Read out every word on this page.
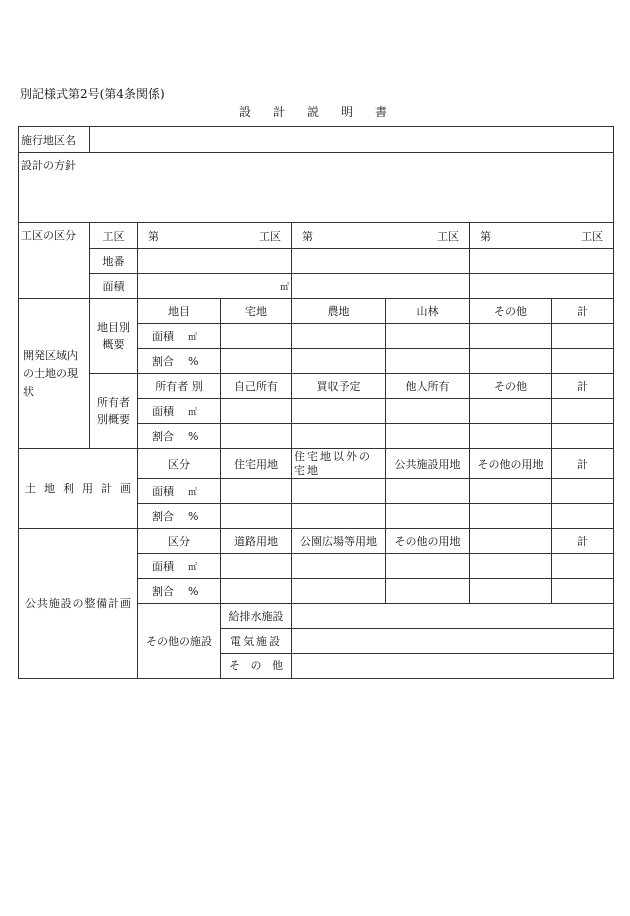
別記様式第2号(第4条関係)
設計説明書
施行地区名							
設計の方針							
工区の区分	工区	第 工区		第 工区		第 工区	

	地番						
	面積	㎡					
開発区域内の土地の現状	地目別概要	地目	宅地	農地	山林	その他	計
		面積 ㎡					
		割合 %					
	所有者別概要	所有者 別	自己所有	買収予定	他人所有	その他	計
		面積 ㎡					
		割合 %					
土地利用計画		区分	住宅用地	住宅地以外の宅地	公共施設用地	その他の用地	計
		面積 ㎡					
		割合 %					
公共施設の整備計画		区分	道路用地	公園広場等用地	その他の用地		計
		面積 ㎡					
		割合 %					
		その他の施設	給排水施設				
			電気施設				
			その他				
